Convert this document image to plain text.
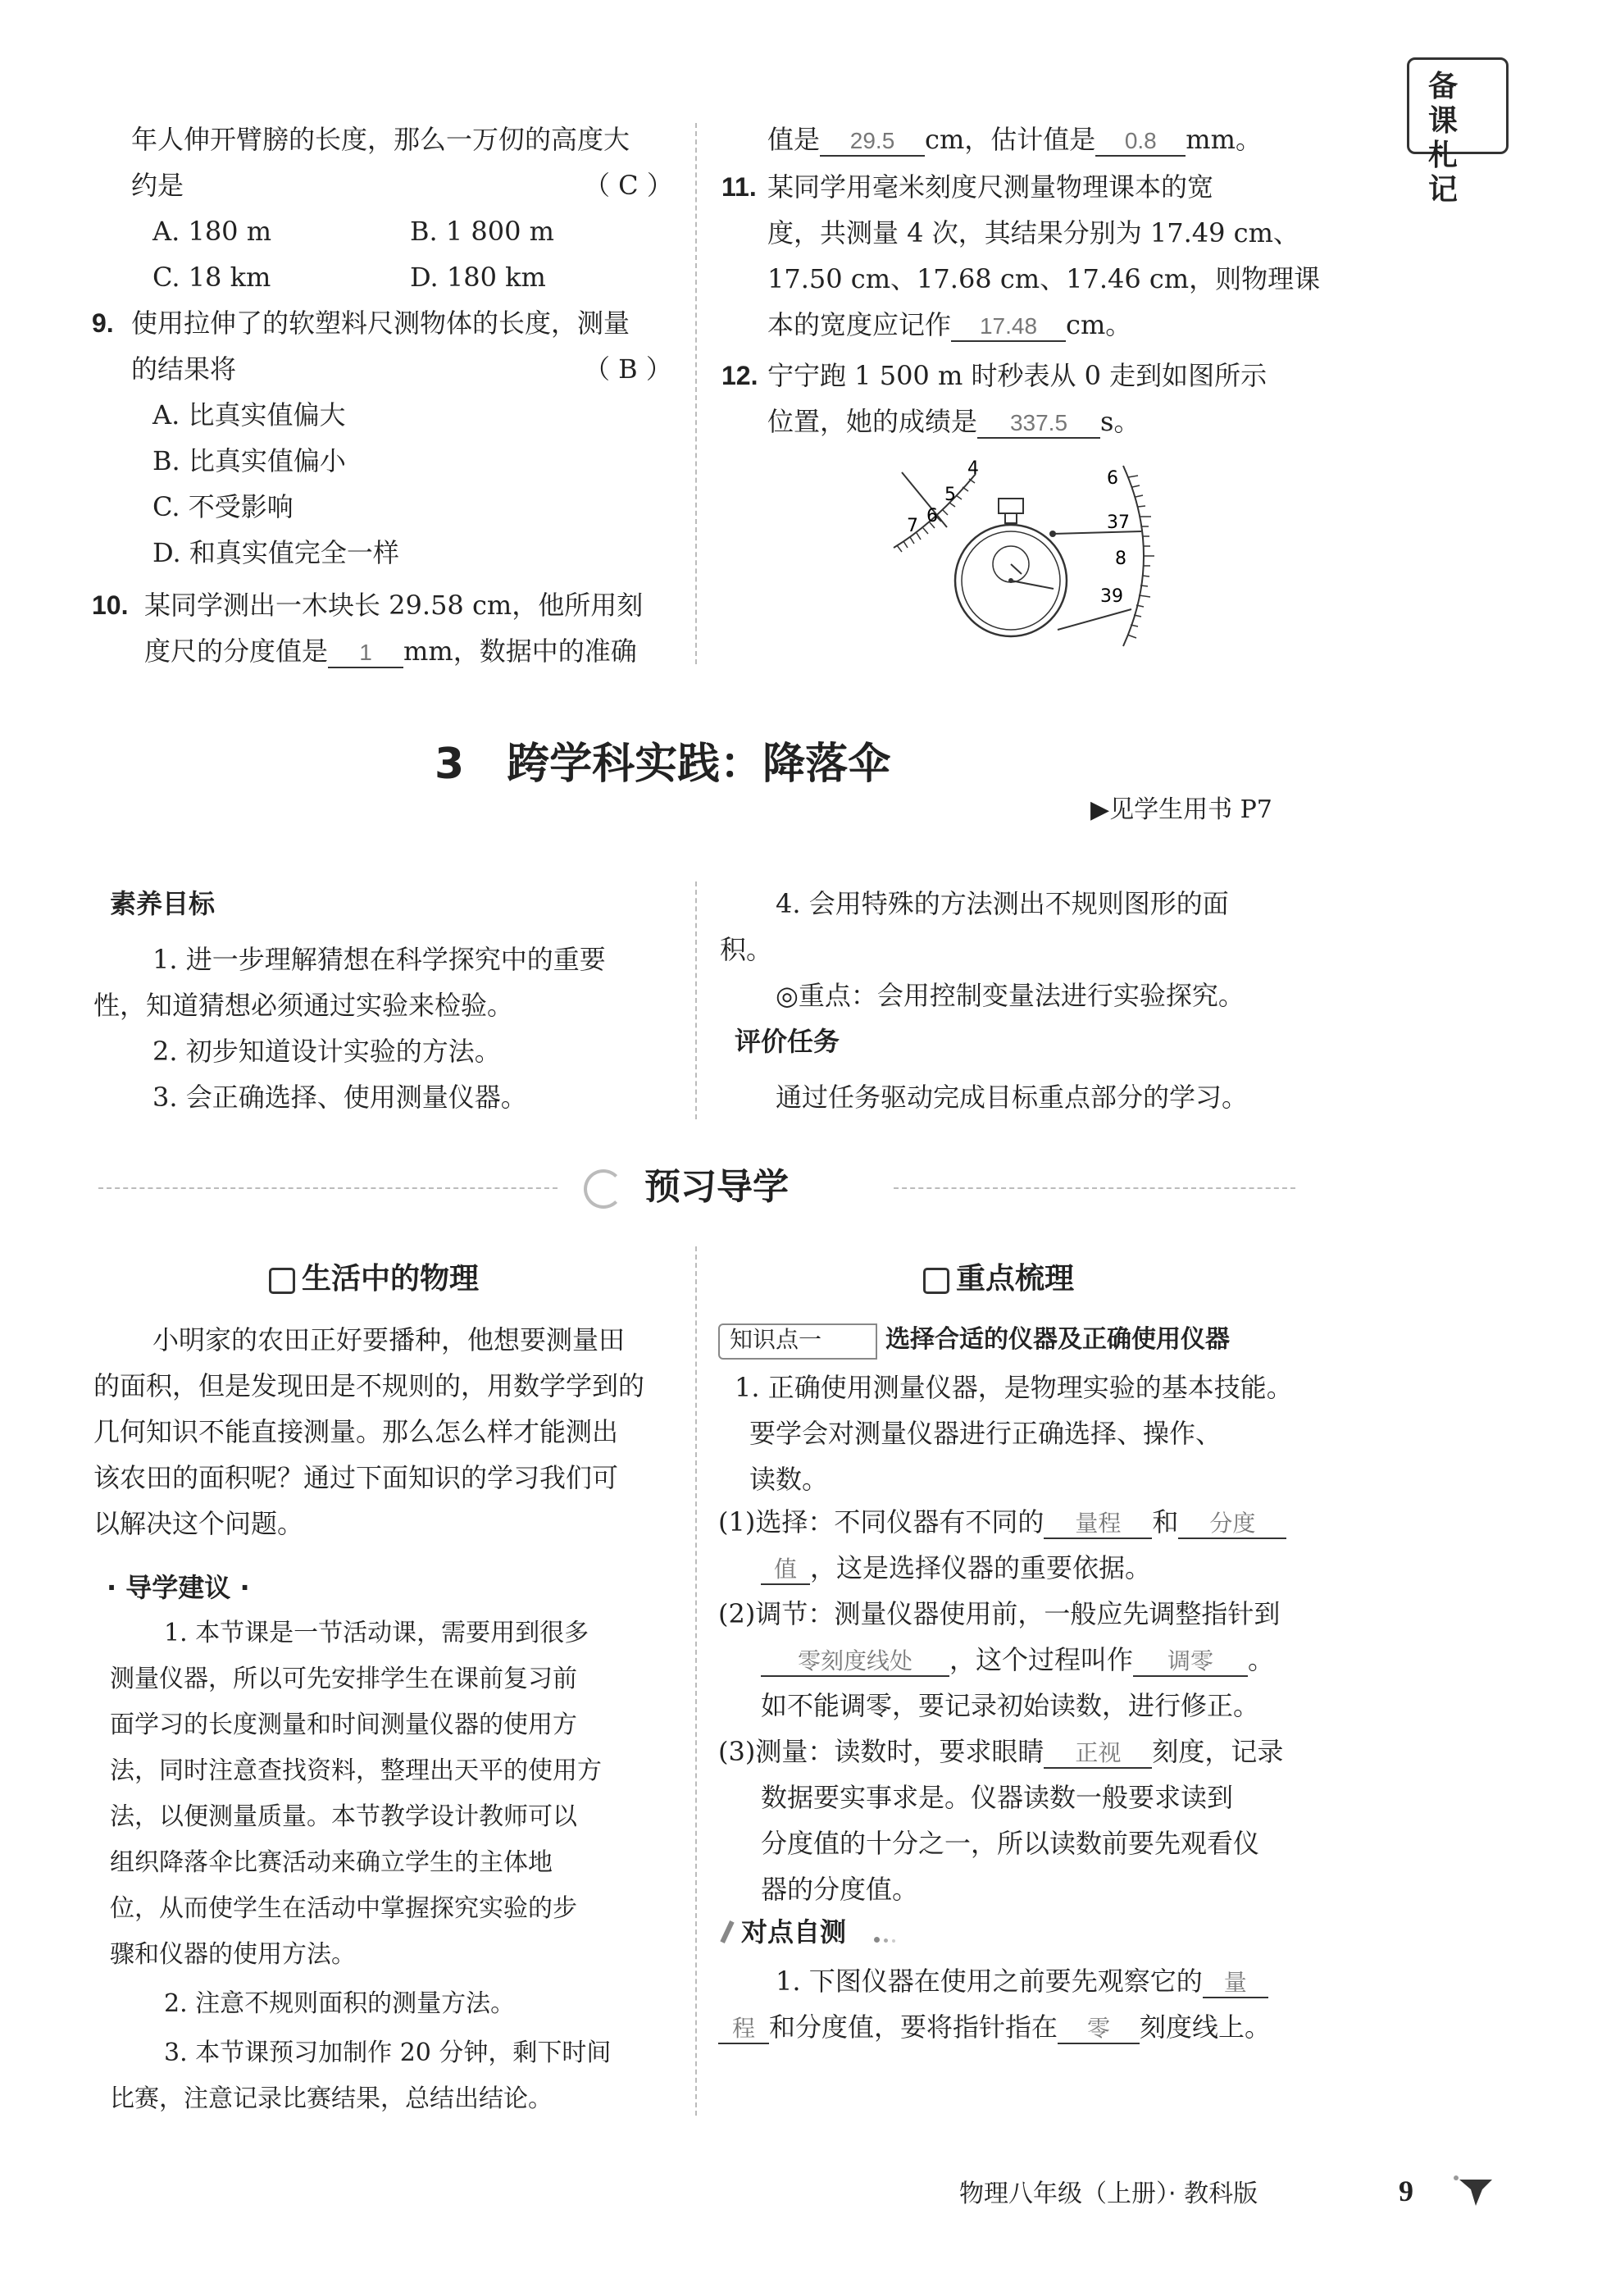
备课札记
年人伸开臂膀的长度，那么一万仞的高度大
约是	（ C ）
A. 180 m	B. 1 800 m
C. 18 km	D. 180 km
9. 使用拉伸了的软塑料尺测物体的长度，测量
的结果将	（ B ）
A. 比真实值偏大
B. 比真实值偏小
C. 不受影响
D. 和真实值完全一样
10. 某同学测出一木块长 29.58 cm，他所用刻
度尺的分度值是 1 mm，数据中的准确
值是 29.5 cm，估计值是 0.8 mm。
11. 某同学用毫米刻度尺测量物理课本的宽
度，共测量 4 次，其结果分别为 17.49 cm、
17.50 cm、17.68 cm、17.46 cm，则物理课
本的宽度应记作 17.48 cm。
12. 宁宁跑 1 500 m 时秒表从 0 走到如图所示
位置，她的成绩是 337.5 s。
4
5
6
7
6
37
8
39
3　跨学科实践：降落伞
▶见学生用书 P7
素养目标
1. 进一步理解猜想在科学探究中的重要
性，知道猜想必须通过实验来检验。
2. 初步知道设计实验的方法。
3. 会正确选择、使用测量仪器。
4. 会用特殊的方法测出不规则图形的面
积。
◎重点：会用控制变量法进行实验探究。
评价任务
通过任务驱动完成目标重点部分的学习。
预习导学
生活中的物理
小明家的农田正好要播种，他想要测量田
的面积，但是发现田是不规则的，用数学学到的
几何知识不能直接测量。那么怎么样才能测出
该农田的面积呢？通过下面知识的学习我们可
以解决这个问题。
· 导学建议 ·
1. 本节课是一节活动课，需要用到很多
测量仪器，所以可先安排学生在课前复习前
面学习的长度测量和时间测量仪器的使用方
法，同时注意查找资料，整理出天平的使用方
法，以便测量质量。本节教学设计教师可以
组织降落伞比赛活动来确立学生的主体地
位，从而使学生在活动中掌握探究实验的步
骤和仪器的使用方法。
2. 注意不规则面积的测量方法。
3. 本节课预习加制作 20 分钟，剩下时间
比赛，注意记录比赛结果，总结出结论。
重点梳理
知识点一	选择合适的仪器及正确使用仪器
1. 正确使用测量仪器，是物理实验的基本技能。
要学会对测量仪器进行正确选择、操作、
读数。
(1)选择：不同仪器有不同的 量程 和 分度
值 ，这是选择仪器的重要依据。
(2)调节：测量仪器使用前，一般应先调整指针到
零刻度线处 ，这个过程叫作 调零 。
如不能调零，要记录初始读数，进行修正。
(3)测量：读数时，要求眼睛 正视 刻度，记录
数据要实事求是。仪器读数一般要求读到
分度值的十分之一，所以读数前要先观看仪
器的分度值。
对点自测
1. 下图仪器在使用之前要先观察它的 量
程 和分度值，要将指针指在 零 刻度线上。
物理八年级（上册）· 教科版	9
